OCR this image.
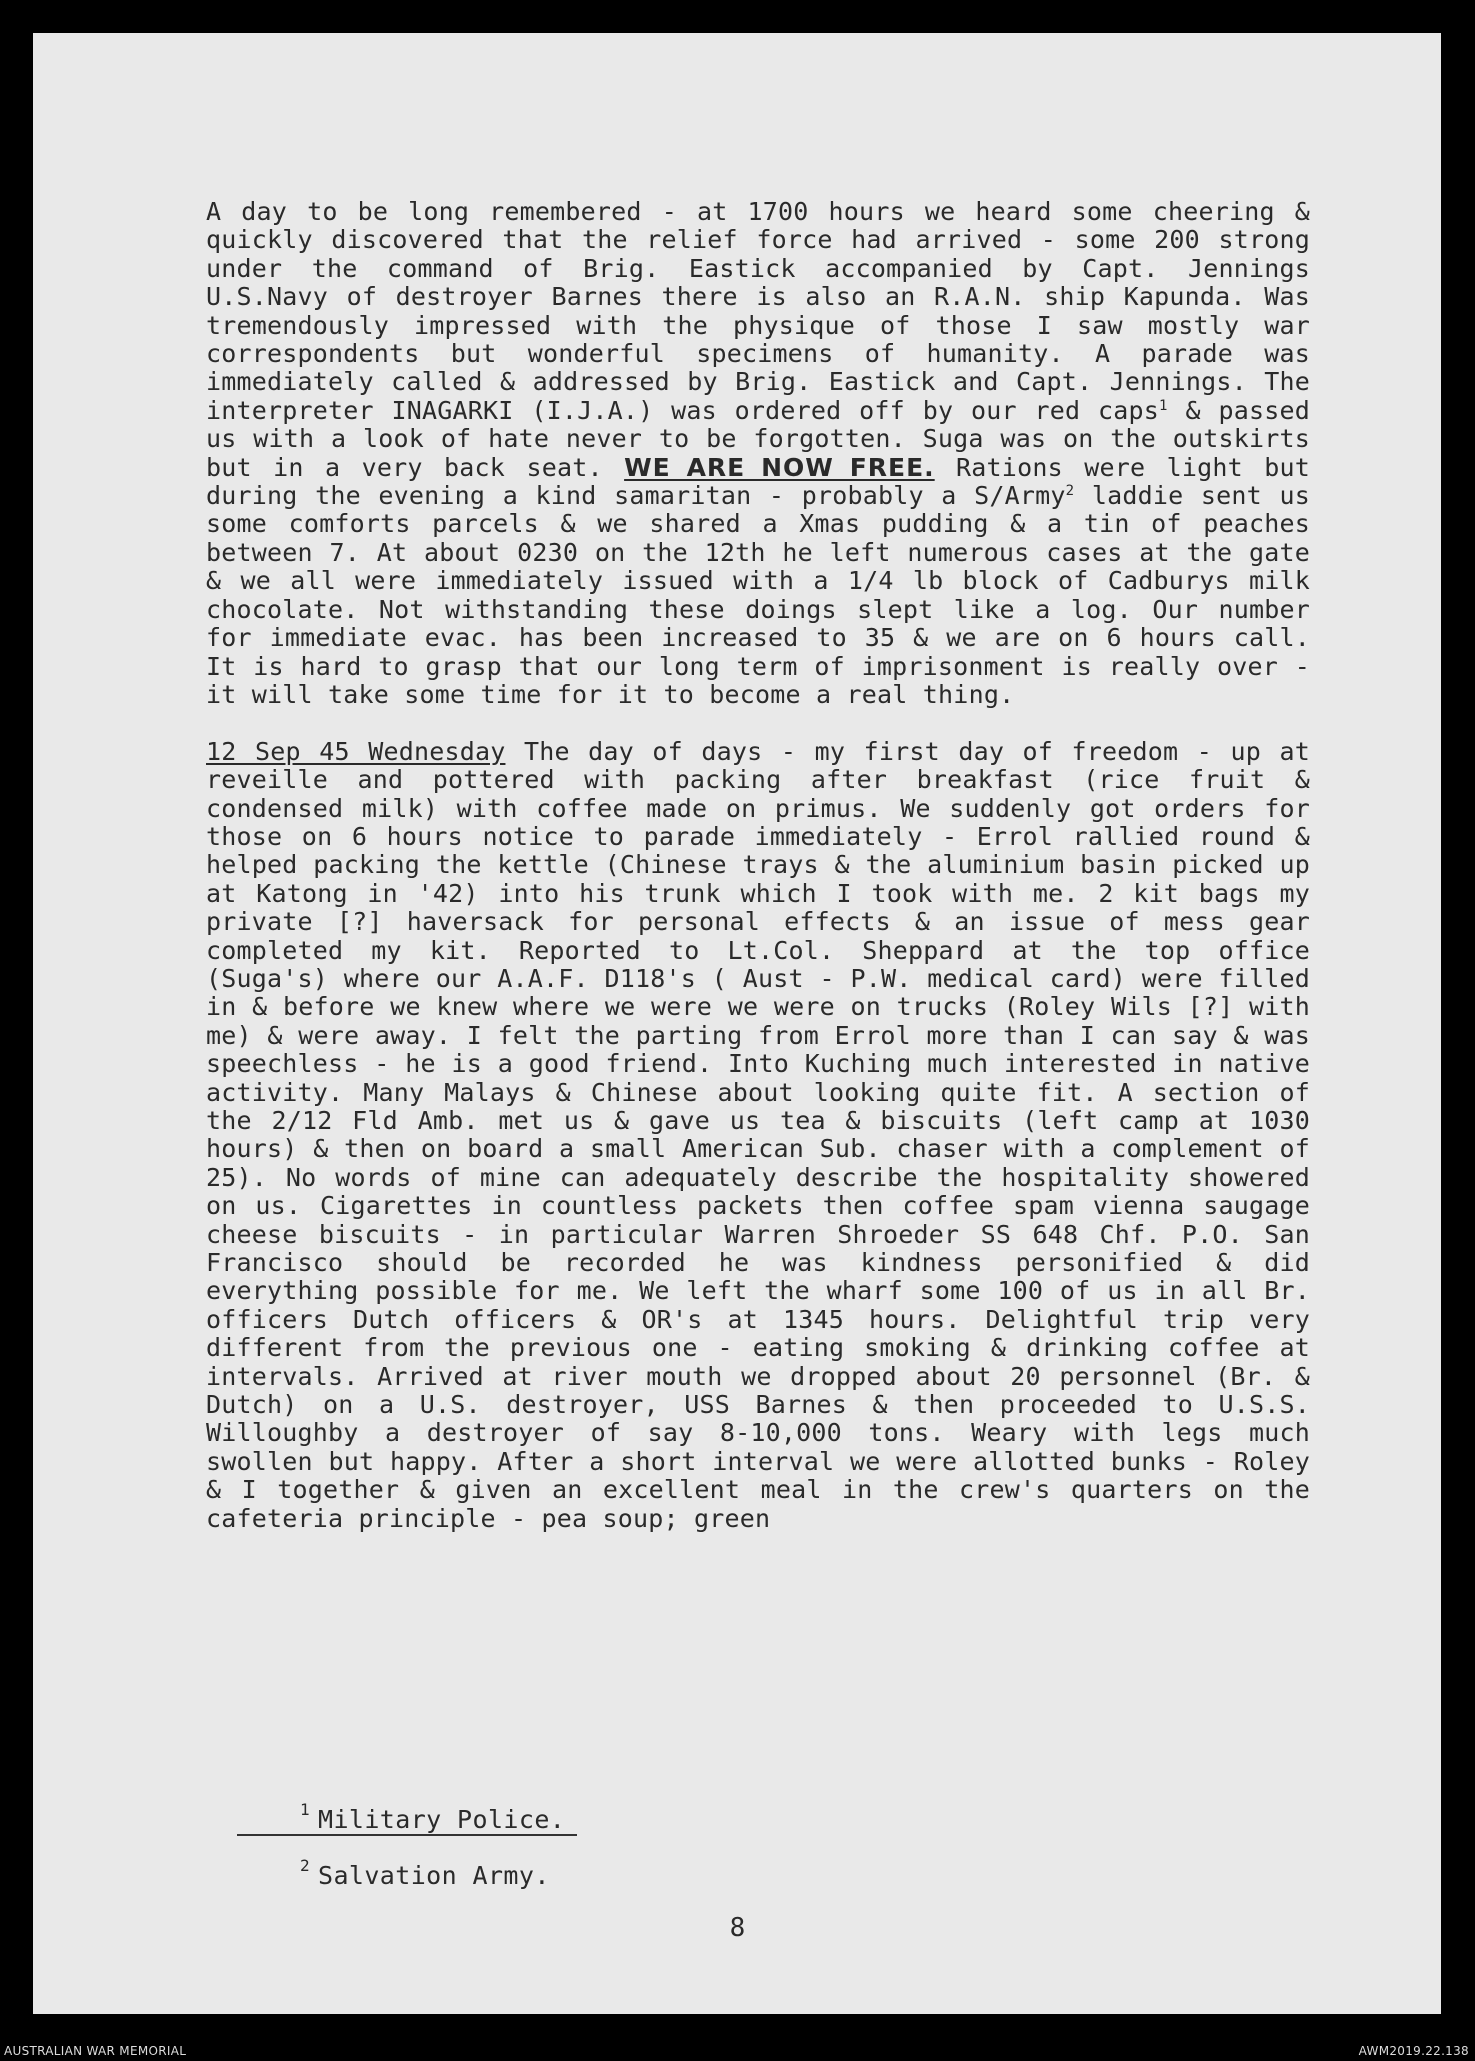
A day to be long remembered - at 1700 hours we heard some cheering & quickly discovered that the relief force had arrived - some 200 strong under the command of Brig. Eastick accompanied by Capt. Jennings U.S.Navy of destroyer Barnes there is also an R.A.N. ship Kapunda. Was tremendously impressed with the physique of those I saw mostly war correspondents but wonderful specimens of humanity. A parade was immediately called & addressed by Brig. Eastick and Capt. Jennings. The interpreter INAGARKI (I.J.A.) was ordered off by our red caps$^1$ & passed us with a look of hate never to be forgotten. Suga was on the outskirts but in a very back seat. WE ARE NOW FREE. Rations were light but during the evening a kind samaritan - probably a S/Army$^2$ laddie sent us some comforts parcels & we shared a Xmas pudding & a tin of peaches between 7. At about 0230 on the 12th he left numerous cases at the gate & we all were immediately issued with a 1/4 lb block of Cadburys milk chocolate. Not withstanding these doings slept like a log. Our number for immediate evac. has been increased to 35 & we are on 6 hours call. It is hard to grasp that our long term of imprisonment is really over - it will take some time for it to become a real thing.

12 Sep 45 Wednesday The day of days - my first day of freedom - up at reveille and pottered with packing after breakfast (rice fruit & condensed milk) with coffee made on primus. We suddenly got orders for those on 6 hours notice to parade immediately - Errol rallied round & helped packing the kettle (Chinese trays & the aluminium basin picked up at Katong in '42) into his trunk which I took with me. 2 kit bags my private [?] haversack for personal effects & an issue of mess gear completed my kit. Reported to Lt.Col. Sheppard at the top office (Suga's) where our A.A.F. D118's ( Aust - P.W. medical card) were filled in & before we knew where we were we were on trucks (Roley Wils [?] with me) & were away. I felt the parting from Errol more than I can say & was speechless - he is a good friend. Into Kuching much interested in native activity. Many Malays & Chinese about looking quite fit. A section of the 2/12 Fld Amb. met us & gave us tea & biscuits (left camp at 1030 hours) & then on board a small American Sub. chaser with a complement of 25). No words of mine can adequately describe the hospitality showered on us. Cigarettes in countless packets then coffee spam vienna saugage cheese biscuits - in particular Warren Shroeder SS 648 Chf. P.O. San Francisco should be recorded he was kindness personified & did everything possible for me. We left the wharf some 100 of us in all Br. officers Dutch officers & OR's at 1345 hours. Delightful trip very different from the previous one - eating smoking & drinking coffee at intervals. Arrived at river mouth we dropped about 20 personnel (Br. & Dutch) on a U.S. destroyer, USS Barnes & then proceeded to U.S.S. Willoughby a destroyer of say 8-10,000 tons. Weary with legs much swollen but happy. After a short interval we were allotted bunks - Roley & I together & given an excellent meal in the crew's quarters on the cafeteria principle - pea soup; green

1 Military Police.
2 Salvation Army.
8
AUSTRALIAN WAR MEMORIAL	AWM2019.22.138
